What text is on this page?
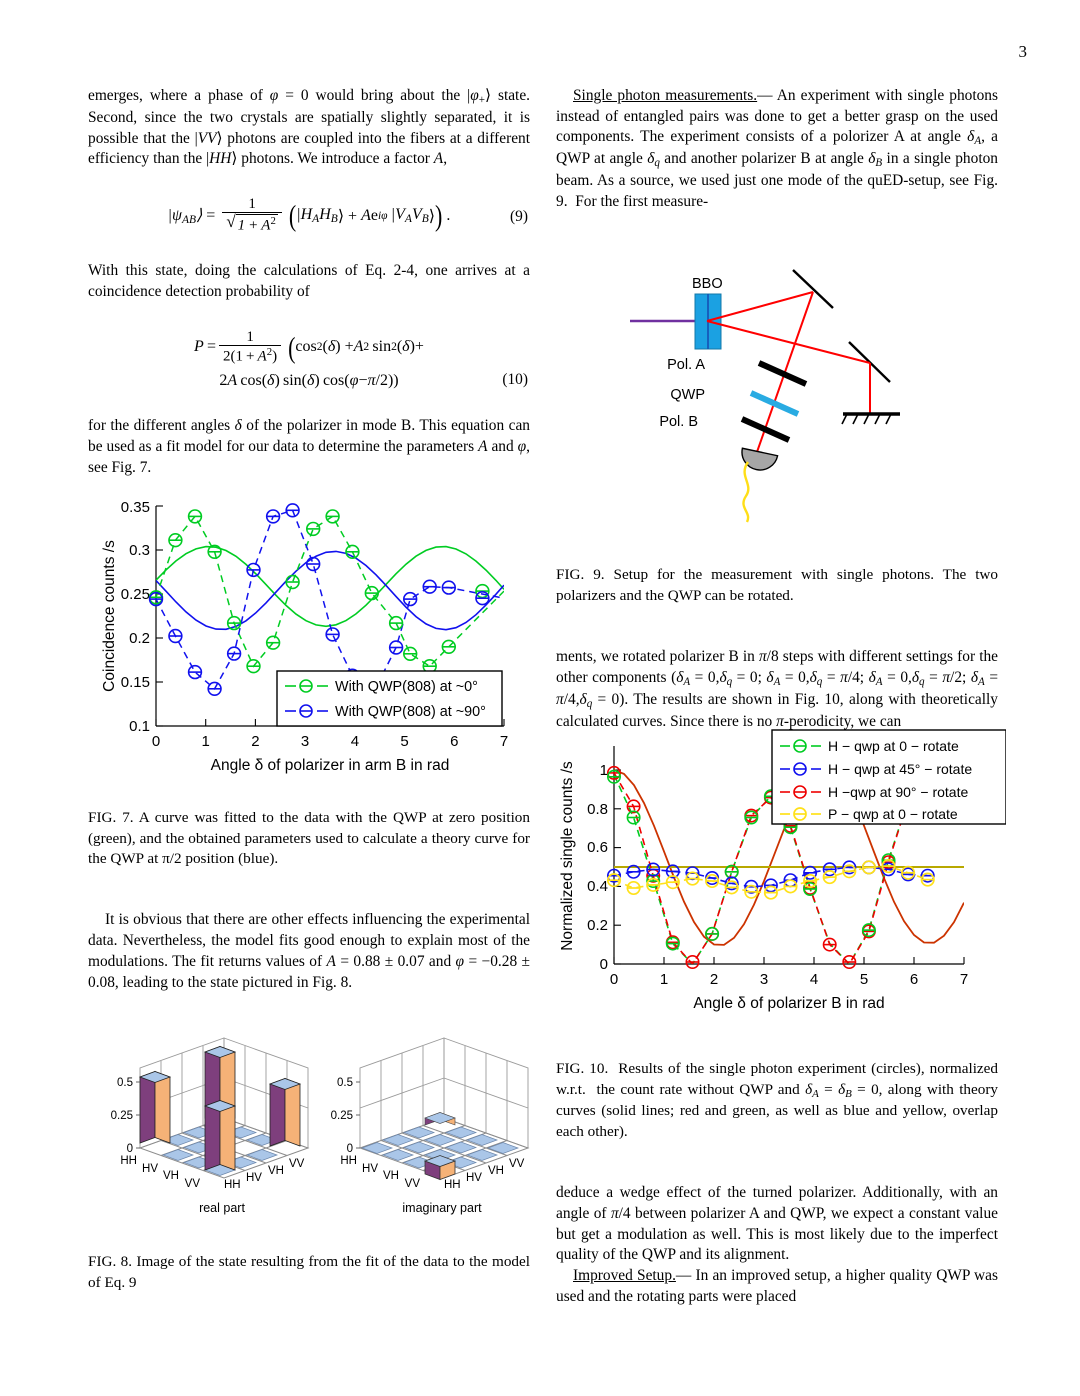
3

emerges, where a phase of φ = 0 would bring about the $|\varphi_+⟩$ state. Second, since the two crystals are spatially slightly separated, it is possible that the |VV⟩ photons are coupled into the fibers at a different efficiency than the |HH⟩ photons. We introduce a factor A,

$|\psi_{AB}⟩ = \frac{1}{√ 1 + A^2}$
( $|H_AH_B$ ⟩ + A e iφ
  $|V_AV_B$ ⟩ ) .	(9)

With this state, doing the calculations of Eq. 2-4, one arrives at a coincidence detection probability of

$P = \frac{1}{2(1 + A^2)}$
( cos 2 ( δ ) + A 2  sin 2 ( δ )+
2 A  cos( δ ) sin( δ ) cos( φ − π /2))	(10)

for the different angles δ of the polarizer in mode B. This equation can be used as a fit model for our data to determine the parameters A and φ, see Fig. 7.

0.1
0.15
0.2
0.25
0.3
0.35
0	1	2	3	4	5	6	7
Angle δ of polarizer in arm B in rad
Coincidence counts /s	With QWP(808) at ~0°
With QWP(808) at ~90°

FIG. 7. A curve was fitted to the data with the QWP at zero position (green), and the obtained parameters used to calculate a theory curve for the QWP at π/2 position (blue).

It is obvious that there are other effects influencing the experimental data. Nevertheless, the model fits good enough to explain most of the modulations. The fit returns values of A = 0.88 ± 0.07 and φ = −0.28 ± 0.08, leading to the state pictured in Fig. 8.

0
0.25
0.5
HH
HV
VH
VV HH
HV
VH
VV
real part
0
0.25
0.5
HH
HV
VH
VV HH
HV
VH
VV
imaginary part

FIG. 8. Image of the state resulting from the fit of the data to the model of Eq. 9

Single photon measurements.— An experiment with single photons instead of entangled pairs was done to get a better grasp on the used components. The experiment consists of a polorizer A at angle $\delta_A$, a QWP at angle $\delta_q$ and another polarizer B at angle $\delta_B$ in a single photon beam. As a source, we used just one mode of the quED-setup, see Fig. 9.  For the first measure-

BBO
Pol. A
QWP
Pol. B

FIG. 9. Setup for the measurement with single photons. The two polarizers and the QWP can be rotated.

ments, we rotated polarizer B in π/8 steps with different settings for the other components ($\delta_A = 0,\delta_q = 0$; $\delta_A = 0,\delta_q = \pi/4$; $\delta_A = 0,\delta_q = \pi/2$; $\delta_A = \pi/4,\delta_q = 0$). The results are shown in Fig. 10, along with theoretically calculated curves. Since there is no π-perodicity, we can

0
0.2
0.4
0.6
0.8
1
0	1	2	3	4	5	6	7
Angle δ of polarizer B in rad
Normalized single counts /s
H − qwp at 0 − rotate
H − qwp at 45° − rotate
H −qwp at 90° − rotate
P − qwp at 0 − rotate

FIG. 10.  Results of the single photon experiment (circles), normalized w.r.t.  the count rate without QWP and $\delta_A = \delta_B = 0$, along with theory curves (solid lines; red and green, as well as blue and yellow, overlap each other).

deduce a wedge effect of the turned polarizer. Additionally, with an angle of π/4 between polarizer A and QWP, we expect a constant value but get a modulation as well. This is most likely due to the imperfect quality of the QWP and its alignment.

Improved Setup.— In an improved setup, a higher quality QWP was used and the rotating parts were placed
